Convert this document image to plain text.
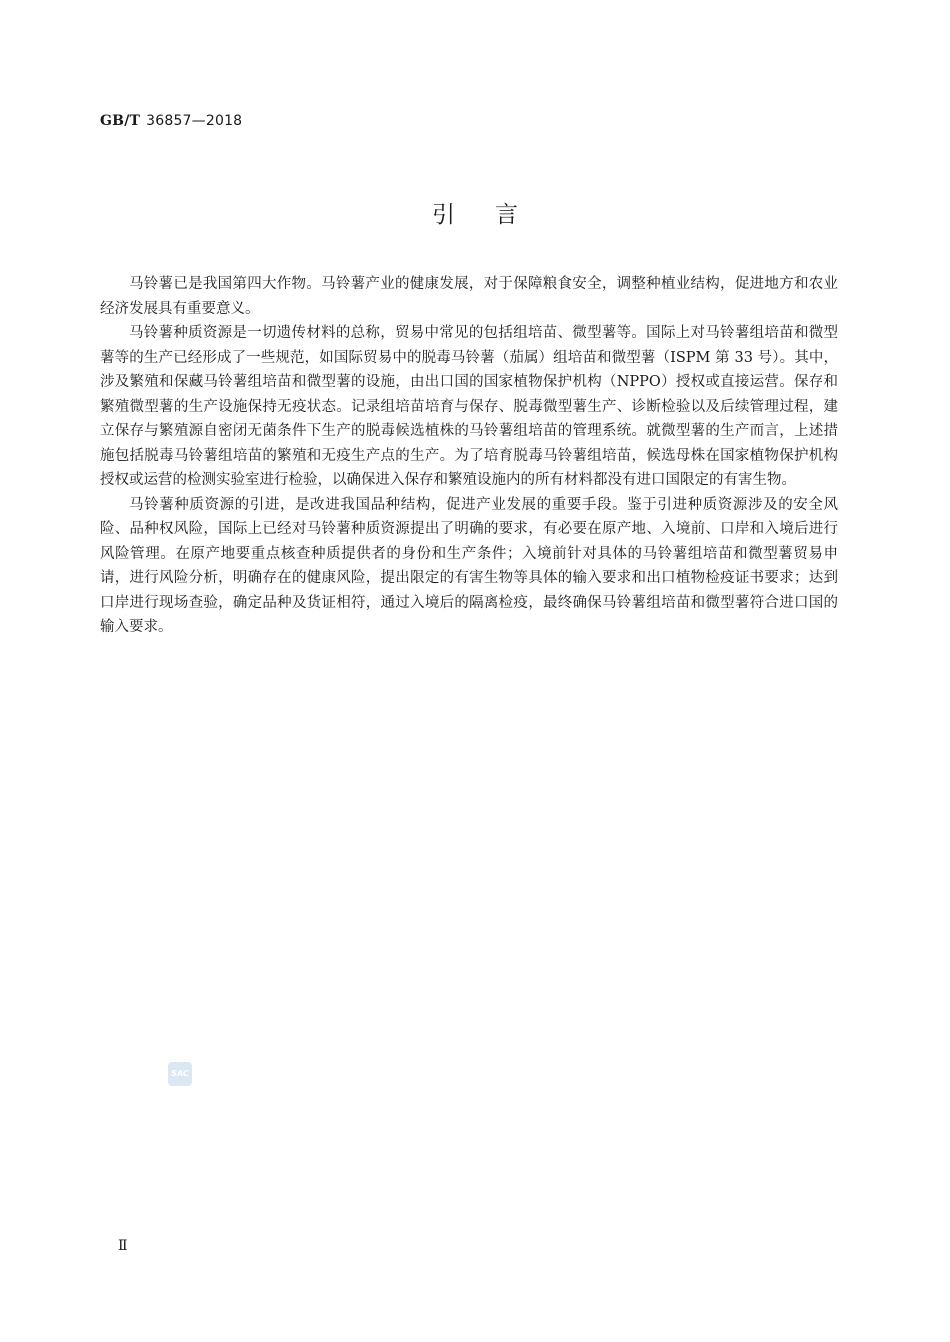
GB/T 36857—2018
引言

马铃薯已是我国第四大作物。马铃薯产业的健康发展，对于保障粮食安全，调整种植业结构，促进地方和农业经济发展具有重要意义。

马铃薯种质资源是一切遗传材料的总称，贸易中常见的包括组培苗、微型薯等。国际上对马铃薯组培苗和微型薯等的生产已经形成了一些规范，如国际贸易中的脱毒马铃薯（茄属）组培苗和微型薯（ISPM 第 33 号）。其中，涉及繁殖和保藏马铃薯组培苗和微型薯的设施，由出口国的国家植物保护机构（NPPO）授权或直接运营。保存和繁殖微型薯的生产设施保持无疫状态。记录组培苗培育与保存、脱毒微型薯生产、诊断检验以及后续管理过程，建立保存与繁殖源自密闭无菌条件下生产的脱毒候选植株的马铃薯组培苗的管理系统。就微型薯的生产而言，上述措施包括脱毒马铃薯组培苗的繁殖和无疫生产点的生产。为了培育脱毒马铃薯组培苗，候选母株在国家植物保护机构授权或运营的检测实验室进行检验，以确保进入保存和繁殖设施内的所有材料都没有进口国限定的有害生物。

马铃薯种质资源的引进，是改进我国品种结构，促进产业发展的重要手段。鉴于引进种质资源涉及的安全风险、品种权风险，国际上已经对马铃薯种质资源提出了明确的要求，有必要在原产地、入境前、口岸和入境后进行风险管理。在原产地要重点核查种质提供者的身份和生产条件；入境前针对具体的马铃薯组培苗和微型薯贸易申请，进行风险分析，明确存在的健康风险，提出限定的有害生物等具体的输入要求和出口植物检疫证书要求；达到口岸进行现场查验，确定品种及货证相符，通过入境后的隔离检疫，最终确保马铃薯组培苗和微型薯符合进口国的输入要求。

SAC
Ⅱ
